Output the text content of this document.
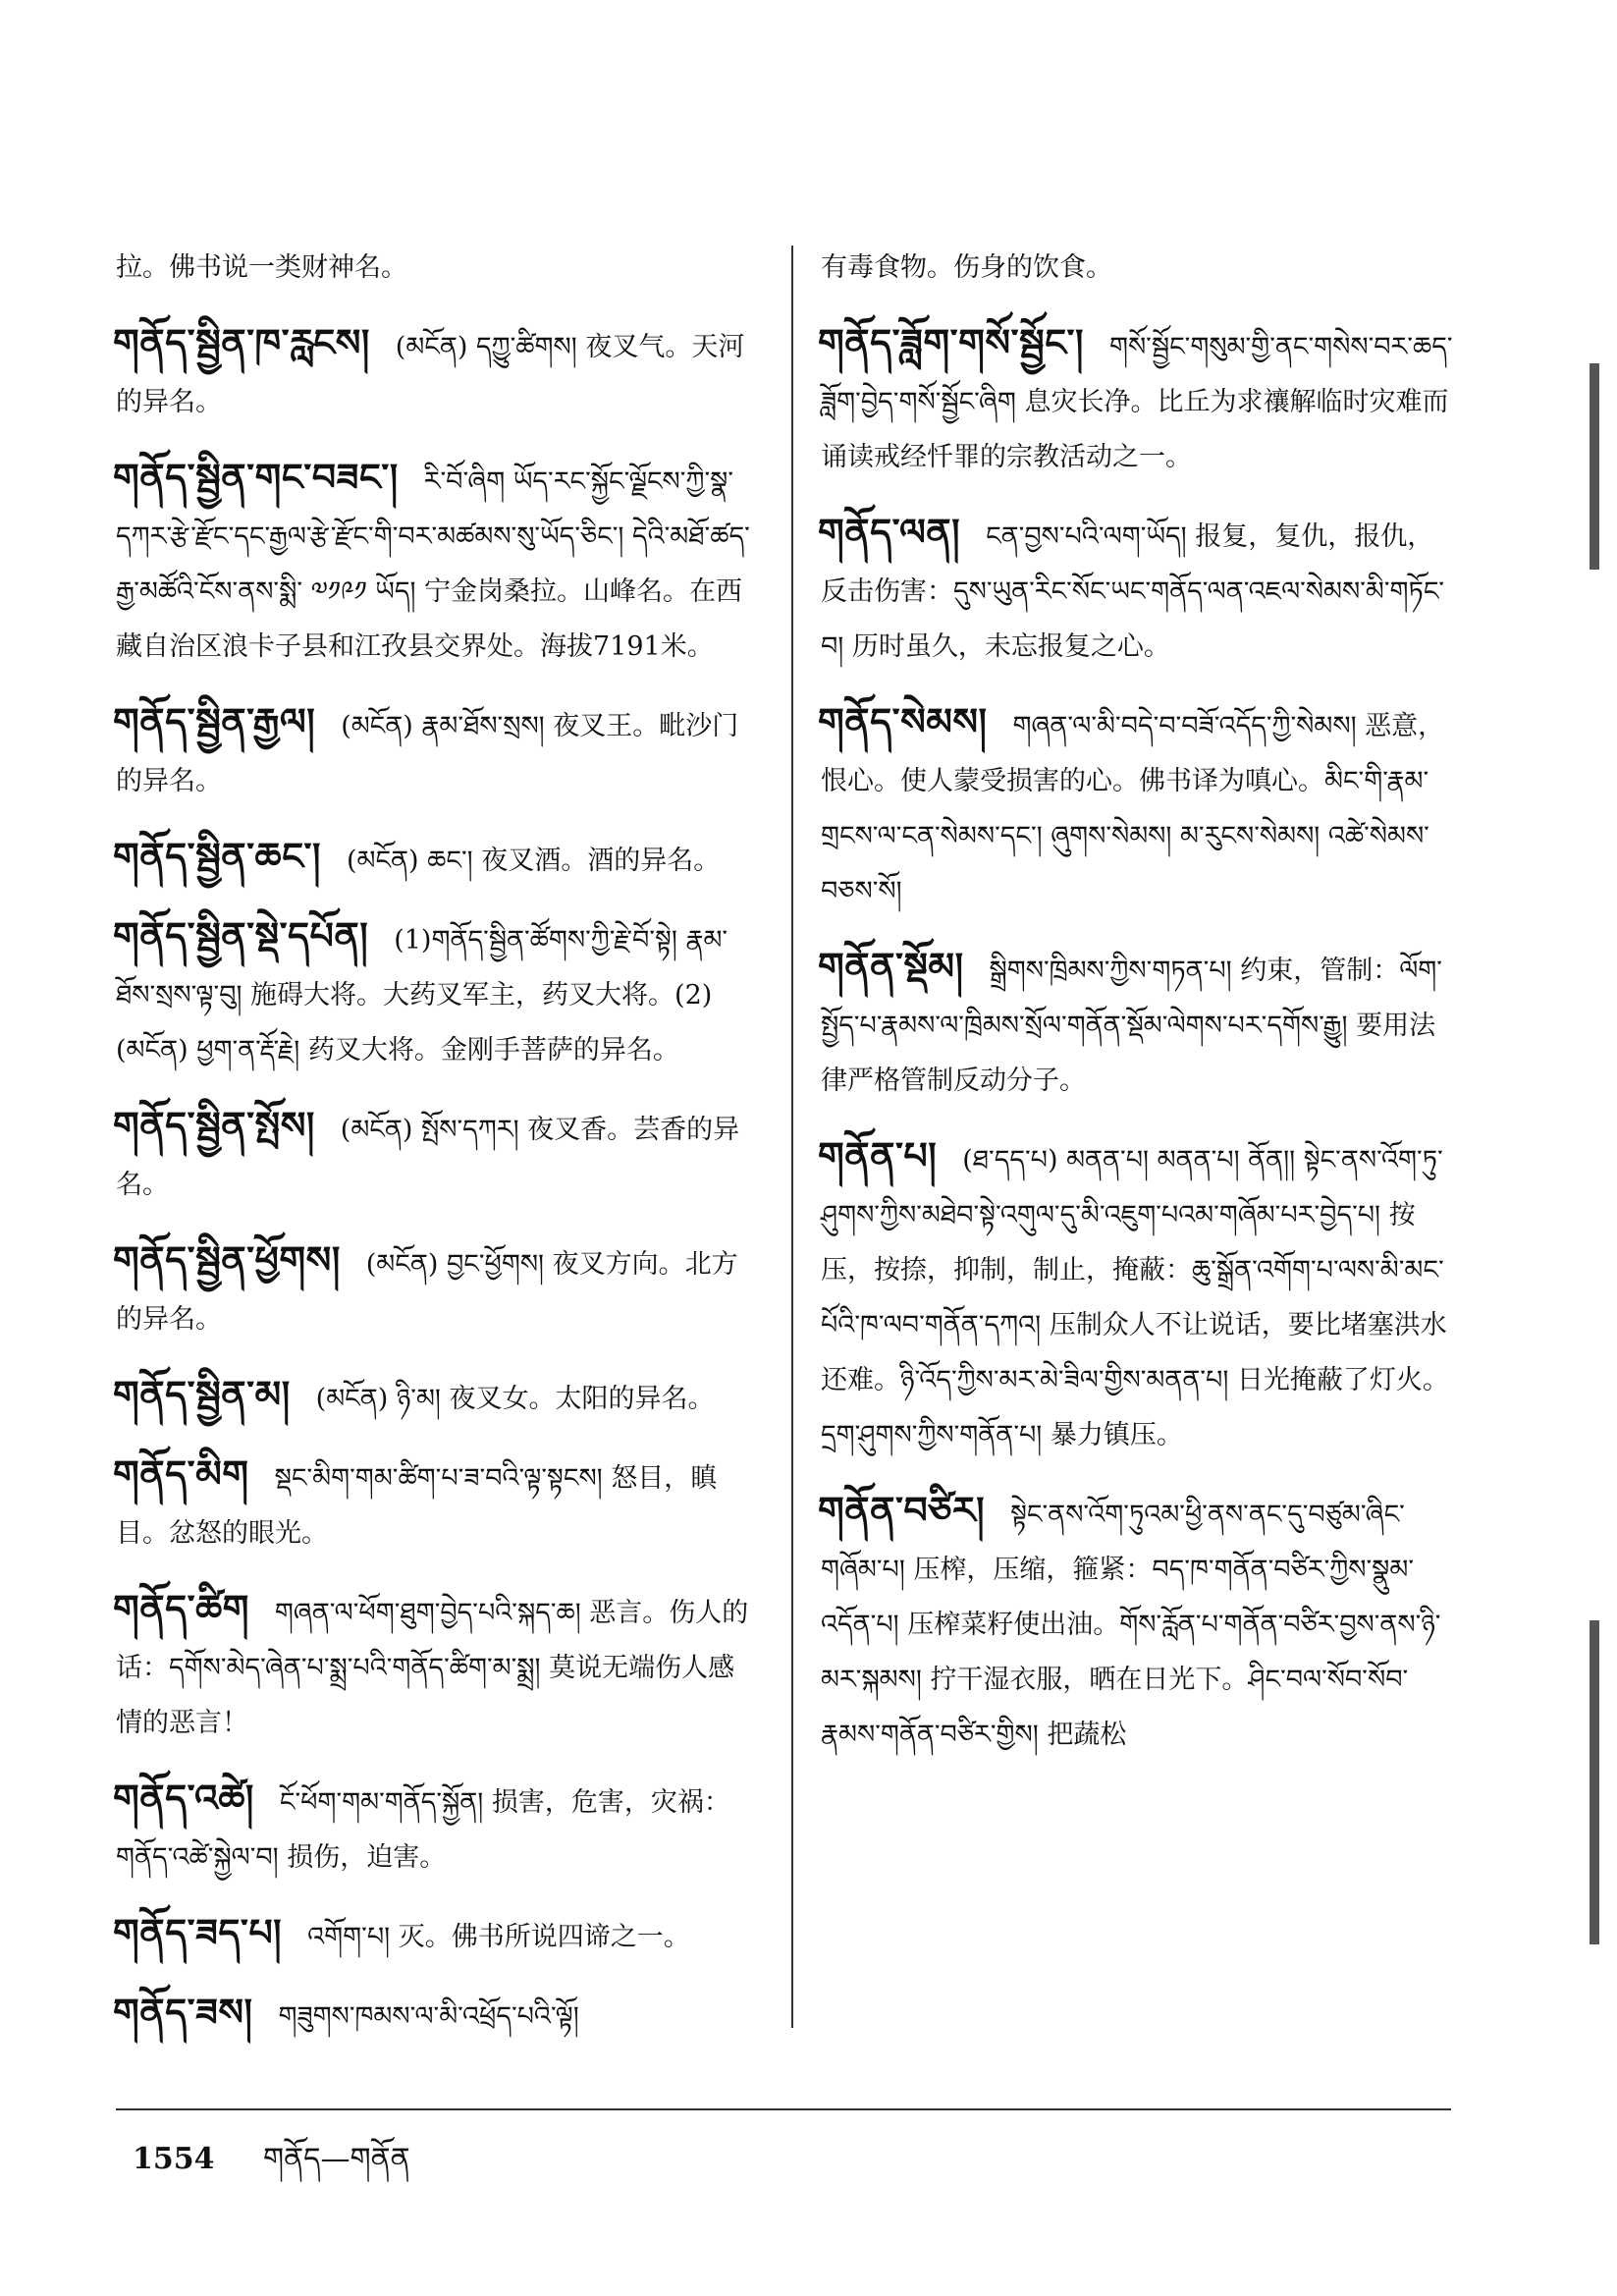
拉。佛书说一类财神名。
གནོད་སྦྱིན་ཁ་རླངས། (མངོན) དཀྱུ་ཚིགས། 夜叉气。天河的异名。
གནོད་སྦྱིན་གང་བཟང་། རི་བོ་ཞིག ཡོད་རང་སྐྱོང་ལྗོངས་ཀྱི་སྣ་དཀར་རྩེ་རྫོང་དང་རྒྱལ་རྩེ་རྫོང་གི་བར་མཚམས་སུ་ཡོད་ཅིང་། དེའི་མཐོ་ཚད་རྒྱ་མཚོའི་ངོས་ནས་སྨི་ ༧༡༩༡ ཡོད། 宁金岗桑拉。山峰名。在西藏自治区浪卡子县和江孜县交界处。海拔7191米。
གནོད་སྦྱིན་རྒྱལ། (མངོན) རྣམ་ཐོས་སྲས། 夜叉王。毗沙门的异名。
གནོད་སྦྱིན་ཆང་། (མངོན) ཆང་། 夜叉酒。酒的异名。
གནོད་སྦྱིན་སྡེ་དཔོན། (1)གནོད་སྦྱིན་ཚོགས་ཀྱི་རྗེ་བོ་སྟེ། རྣམ་ཐོས་སྲས་ལྟ་བུ། 施碍大将。大药叉军主，药叉大将。(2)(མངོན) ཕྱག་ན་རྡོ་རྗེ། 药叉大将。金刚手菩萨的异名。
གནོད་སྦྱིན་སྤོས། (མངོན) སྤོས་དཀར། 夜叉香。芸香的异名。
གནོད་སྦྱིན་ཕྱོགས། (མངོན) བྱང་ཕྱོགས། 夜叉方向。北方的异名。
གནོད་སྦྱིན་མ། (མངོན) ཉི་མ། 夜叉女。太阳的异名。
གནོད་མིག སྡང་མིག་གམ་ཚིག་པ་ཟ་བའི་ལྟ་སྟངས། 怒目，瞋目。忿怒的眼光。
གནོད་ཚིག གཞན་ལ་ཕོག་ཐུག་བྱེད་པའི་སྐད་ཆ། 恶言。伤人的话：དགོས་མེད་ཞེན་པ་སྨྲ་པའི་གནོད་ཚིག་མ་སྨྲ། 莫说无端伤人感情的恶言！
གནོད་འཚེ། ངོ་ཕོག་གམ་གནོད་སྐྱོན། 损害，危害，灾祸：གནོད་འཚེ་སྐྱེལ་བ། 损伤，迫害。
གནོད་ཟད་པ། འགོག་པ། 灭。佛书所说四谛之一。
གནོད་ཟས། གཟུགས་ཁམས་ལ་མི་འཕྲོད་པའི་ལྟོ།
有毒食物。伤身的饮食。
གནོད་ཟློག་གསོ་སྦྱོང་། གསོ་སྦྱོང་གསུམ་གྱི་ནང་གསེས་བར་ཆད་ཟློག་བྱེད་གསོ་སྦྱོང་ཞིག 息灾长净。比丘为求禳解临时灾难而诵读戒经忏罪的宗教活动之一。
གནོད་ལན། ངན་བྱས་པའི་ལག་ཡོད། 报复，复仇，报仇，反击伤害：དུས་ཡུན་རིང་སོང་ཡང་གནོད་ལན་འཇལ་སེམས་མི་གཏོང་བ། 历时虽久，未忘报复之心。
གནོད་སེམས། གཞན་ལ་མི་བདེ་བ་བཟོ་འདོད་ཀྱི་སེམས། 恶意，恨心。使人蒙受损害的心。佛书译为嗔心。མིང་གི་རྣམ་གྲངས་ལ་ངན་སེམས་དང་། ཞུགས་སེམས། མ་རུངས་སེམས། འཚེ་སེམས་བཅས་སོ།
གནོན་སྡོམ། སྒྲིགས་ཁྲིམས་ཀྱིས་གཏན་པ། 约束，管制：ལོག་སྤྱོད་པ་རྣམས་ལ་ཁྲིམས་སྲོལ་གནོན་སྡོམ་ལེགས་པར་དགོས་རྒྱུ། 要用法律严格管制反动分子。
གནོན་པ། (ཐ་དད་པ) མནན་པ། མནན་པ། ནོན།། སྟེང་ནས་འོག་ཏུ་ཤུགས་ཀྱིས་མཐེབ་སྟེ་འགུལ་དུ་མི་འཇུག་པའམ་གཞོམ་པར་བྱེད་པ། 按压，按捺，抑制，制止，掩蔽：ཆུ་སྒྲོན་འགོག་པ་ལས་མི་མང་པོའི་ཁ་ལབ་གནོན་དཀའ། 压制众人不让说话，要比堵塞洪水还难。ཉི་འོད་ཀྱིས་མར་མེ་ཟིལ་གྱིས་མནན་པ། 日光掩蔽了灯火。དྲག་ཤུགས་ཀྱིས་གནོན་པ། 暴力镇压。
གནོན་བཙིར། སྟེང་ནས་འོག་ཏུའམ་ཕྱི་ནས་ནང་དུ་བཙུམ་ཞིང་གཞོམ་པ། 压榨，压缩，箍紧：བད་ཁ་གནོན་བཙིར་ཀྱིས་སྣུམ་འདོན་པ། 压榨菜籽使出油。གོས་རློན་པ་གནོན་བཙིར་བྱས་ནས་ཉི་མར་སྐམས། 拧干湿衣服，晒在日光下。ཤིང་བལ་སོབ་སོབ་རྣམས་གནོན་བཙིར་གྱིས། 把蔬松
1554 གནོད—གནོན
